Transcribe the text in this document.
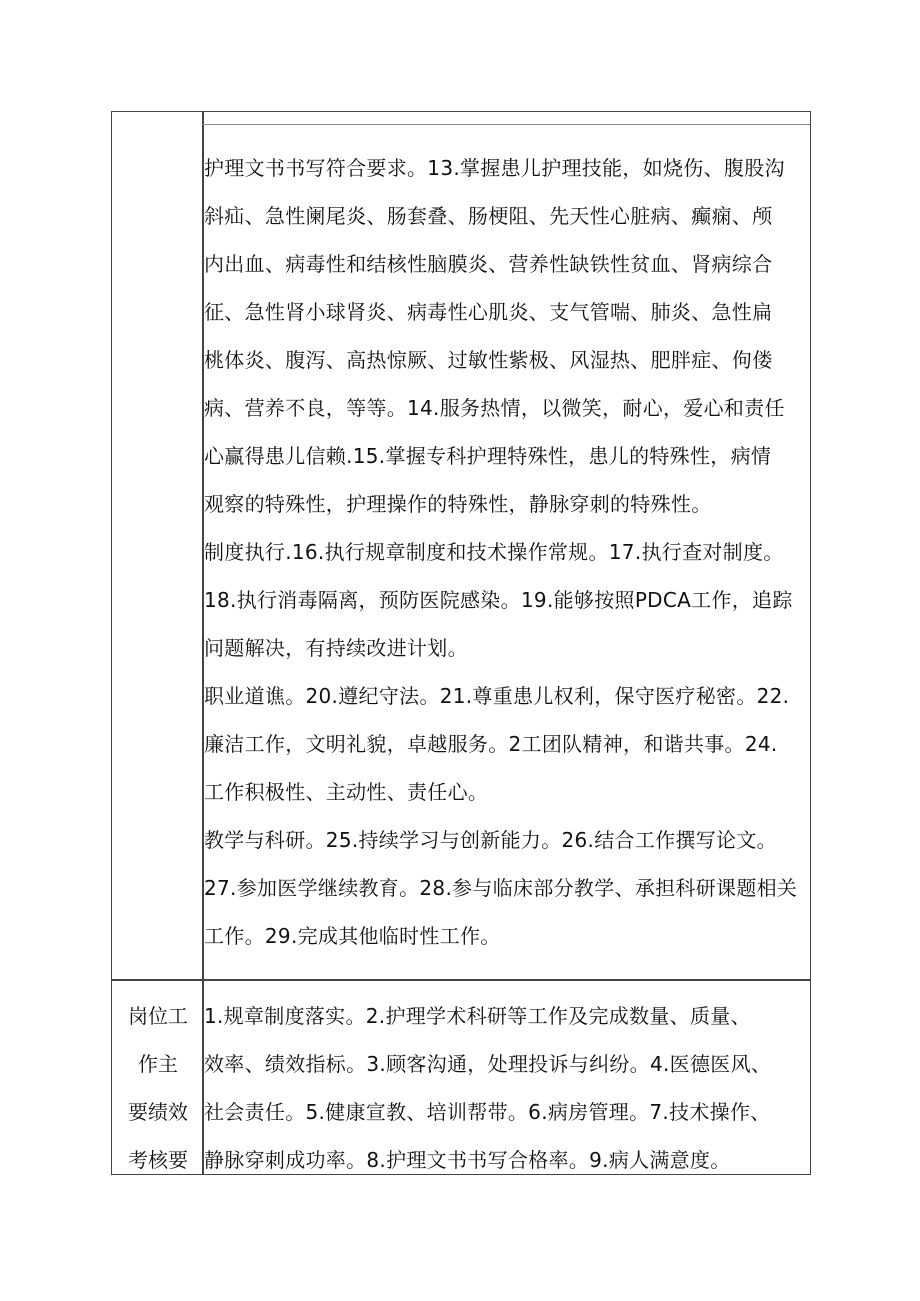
护理文书书写符合要求。13.掌握患儿护理技能，如烧伤、腹股沟

斜疝、急性阑尾炎、肠套叠、肠梗阻、先天性心脏病、癫痫、颅

内出血、病毒性和结核性脑膜炎、营养性缺铁性贫血、肾病综合

征、急性肾小球肾炎、病毒性心肌炎、支气管喘、肺炎、急性扁

桃体炎、腹泻、高热惊厥、过敏性紫极、风湿热、肥胖症、佝偻

病、营养不良，等等。14.服务热情，以微笑，耐心，爱心和责任

心赢得患儿信赖.15.掌握专科护理特殊性，患儿的特殊性，病情

观察的特殊性，护理操作的特殊性，静脉穿刺的特殊性。

制度执行.16.执行规章制度和技术操作常规。17.执行查对制度。

18.执行消毒隔离，预防医院感染。19.能够按照PDCA工作，追踪

问题解决，有持续改进计划。

职业道谯。20.遵纪守法。21.尊重患儿权利，保守医疗秘密。22.

廉洁工作，文明礼貌，卓越服务。2工团队精神，和谐共事。24.

工作积极性、主动性、责任心。

教学与科研。25.持续学习与创新能力。26.结合工作撰写论文。

27.参加医学继续教育。28.参与临床部分教学、承担科研课题相关

工作。29.完成其他临时性工作。

岗位工

作主

要绩效

考核要

1.规章制度落实。2.护理学术科研等工作及完成数量、质量、

效率、绩效指标。3.顾客沟通，处理投诉与纠纷。4.医德医风、

社会责任。5.健康宣教、培训帮带。6.病房管理。7.技术操作、

静脉穿刺成功率。8.护理文书书写合格率。9.病人满意度。
